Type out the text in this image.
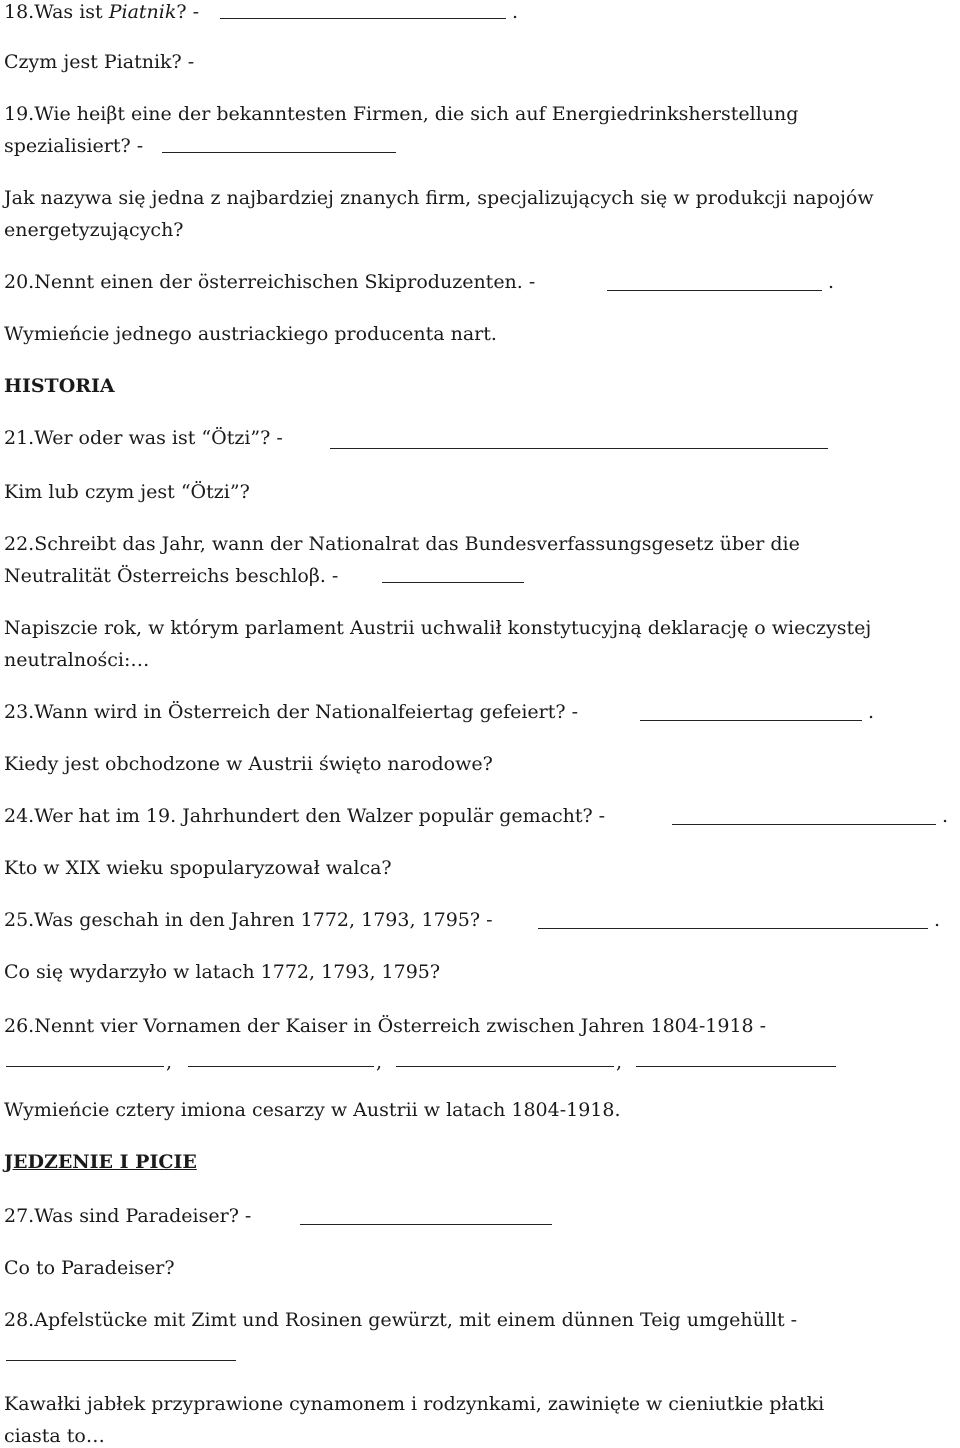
18.Was ist Piatnik? -	.
Czym jest Piatnik? -
19.Wie heiβt eine der bekanntesten Firmen, die sich auf Energiedrinksherstellung
spezialisiert? -
Jak nazywa się jedna z najbardziej znanych firm, specjalizujących się w produkcji napojów
energetyzujących?
20.Nennt einen der österreichischen Skiproduzenten. -	.
Wymieńcie jednego austriackiego producenta nart.
HISTORIA
21.Wer oder was ist “Ötzi”? -
Kim lub czym jest “Ötzi”?
22.Schreibt das Jahr, wann der Nationalrat das Bundesverfassungsgesetz über die
Neutralität Österreichs beschloβ. -
Napiszcie rok, w którym parlament Austrii uchwalił konstytucyjną deklarację o wieczystej
neutralności:…
23.Wann wird in Österreich der Nationalfeiertag gefeiert? -	.
Kiedy jest obchodzone w Austrii święto narodowe?
24.Wer hat im 19. Jahrhundert den Walzer populär gemacht? -	.
Kto w XIX wieku spopularyzował walca?
25.Was geschah in den Jahren 1772, 1793, 1795? -	.
Co się wydarzyło w latach 1772, 1793, 1795?
26.Nennt vier Vornamen der Kaiser in Österreich zwischen Jahren 1804-1918 -
,	,	,
Wymieńcie cztery imiona cesarzy w Austrii w latach 1804-1918.
JEDZENIE I PICIE
27.Was sind Paradeiser? -
Co to Paradeiser?
28.Apfelstücke mit Zimt und Rosinen gewürzt, mit einem dünnen Teig umgehüllt -
Kawałki jabłek przyprawione cynamonem i rodzynkami, zawinięte w cieniutkie płatki
ciasta to…
